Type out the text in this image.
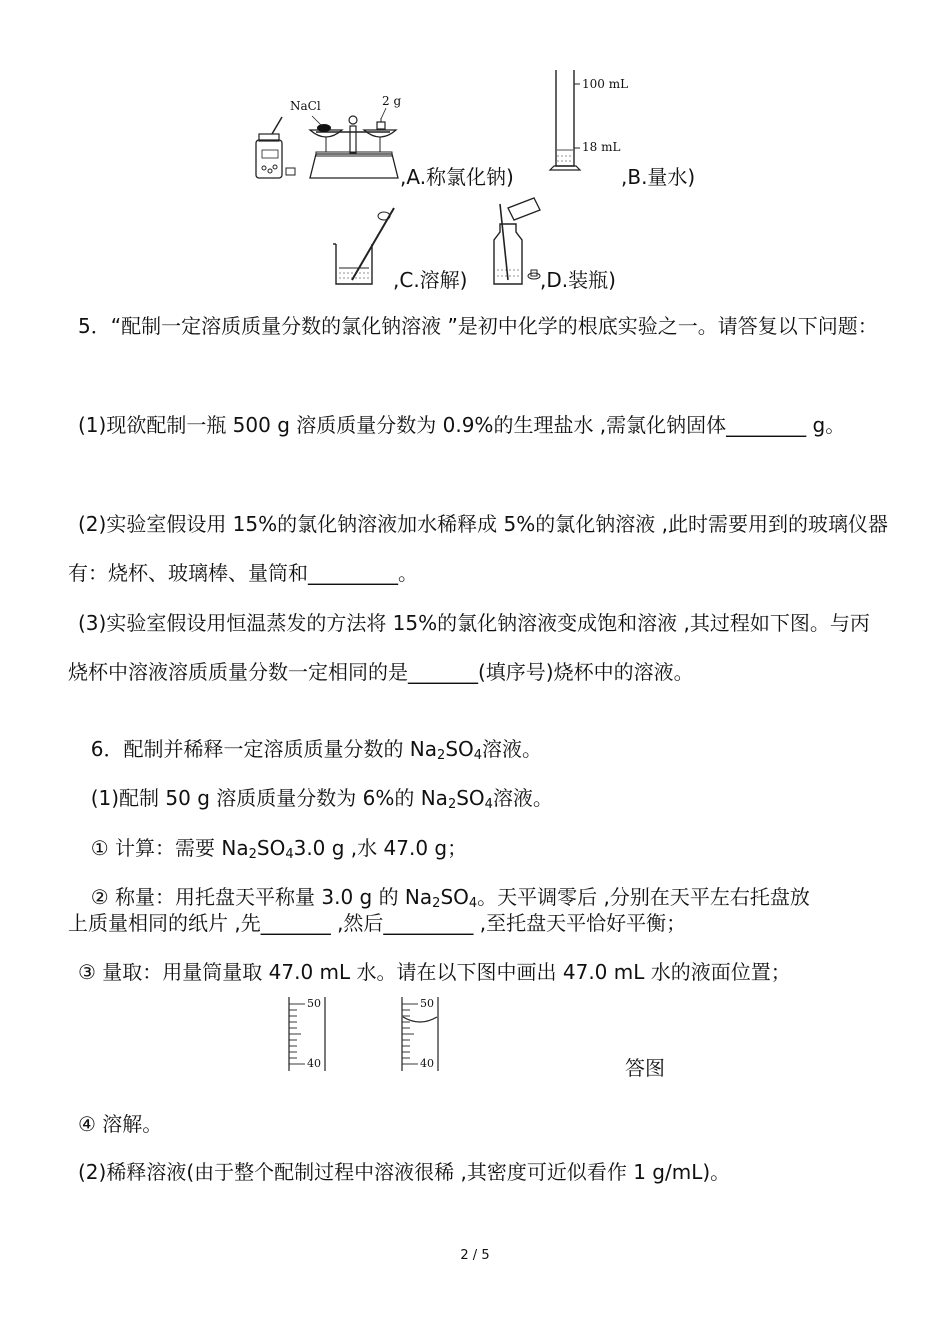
NaCl	2 g
,A.称氯化钠)
100 mL
18 mL
,B.量水)
,C.溶解)	,D.装瓶)
5．“配制一定溶质质量分数的氯化钠溶液 ”是初中化学的根底实验之一。请答复以下问题：
(1)现欲配制一瓶 500 g 溶质质量分数为 0.9%的生理盐水 ,需氯化钠固体________ g。
(2)实验室假设用 15%的氯化钠溶液加水稀释成 5%的氯化钠溶液 ,此时需要用到的玻璃仪器有：烧杯、玻璃棒、量筒和_________。
(3)实验室假设用恒温蒸发的方法将 15%的氯化钠溶液变成饱和溶液 ,其过程如下图。与丙烧杯中溶液溶质质量分数一定相同的是_______(填序号)烧杯中的溶液。

6．配制并稀释一定溶质质量分数的 $Na_2SO_4$溶液。

(1)配制 50 g 溶质质量分数为 6%的 $Na_2SO_4$溶液。

① 计算：需要 $Na_2SO_43.0$ g ,水 47.0 g；

② 称量：用托盘天平称量 3.0 g 的 $Na_2SO_4$。天平调零后 ,分别在天平左右托盘放

上质量相同的纸片 ,先_______ ,然后_________ ,至托盘天平恰好平衡；
③ 量取：用量筒量取 47.0 mL 水。请在以下图中画出 47.0 mL 水的液面位置；
50
40
50
40	答图
④ 溶解。
(2)稀释溶液(由于整个配制过程中溶液很稀 ,其密度可近似看作 1 g/mL)。
2 / 5
